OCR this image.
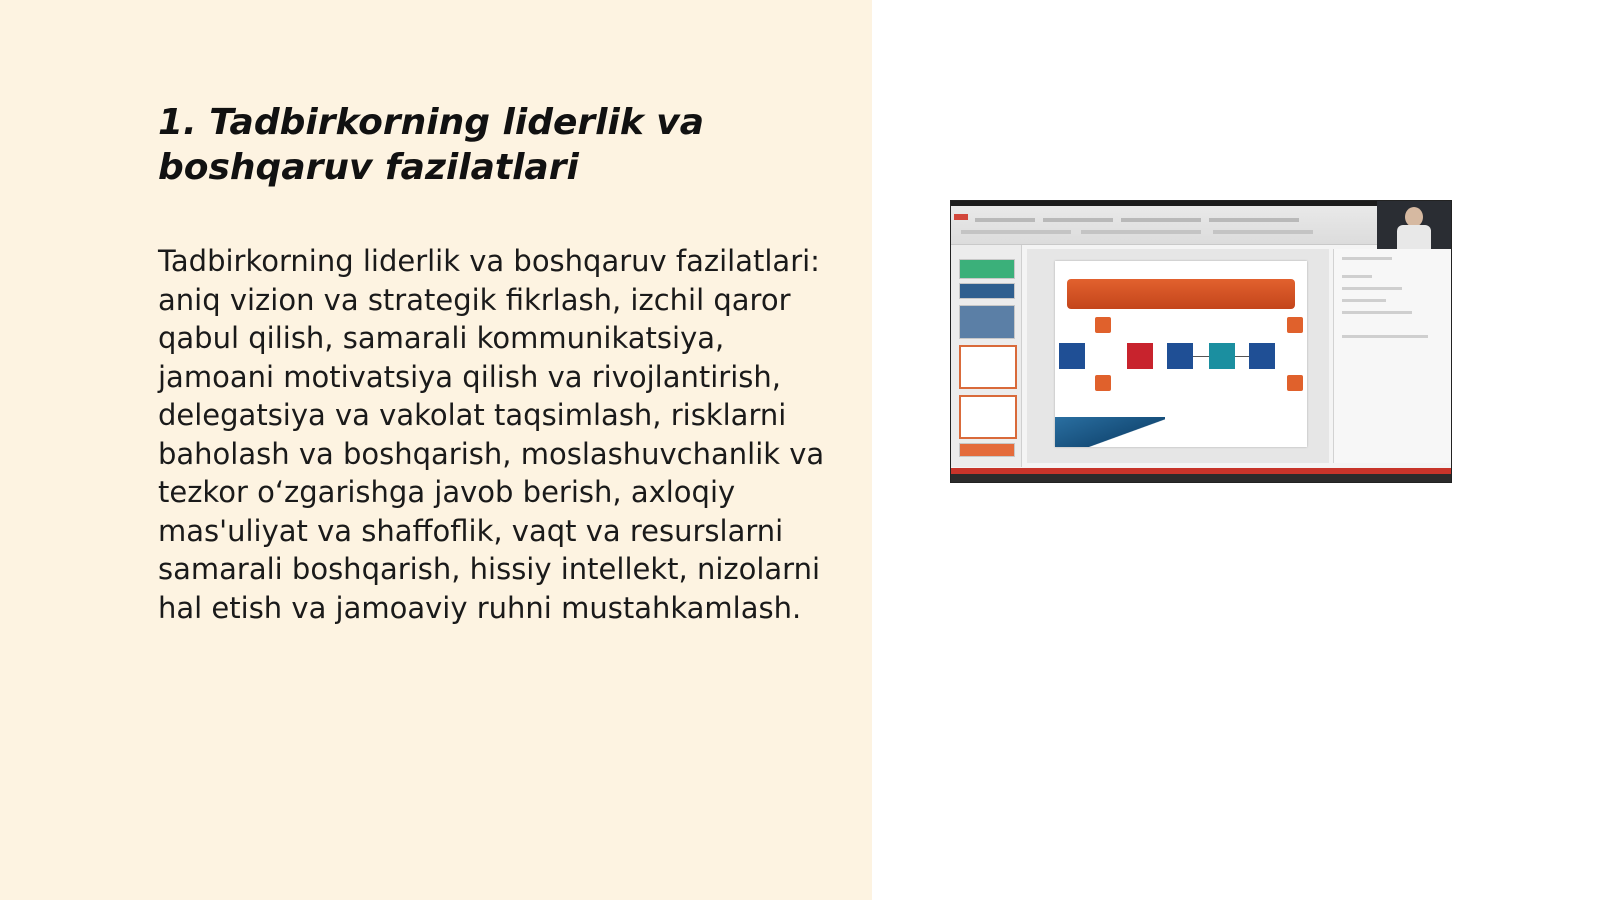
1. Tadbirkorning liderlik va boshqaruv fazilatlari

Tadbirkorning liderlik va boshqaruv fazilatlari: aniq vizion va strategik fikrlash, izchil qaror qabul qilish, samarali kommunikatsiya, jamoani motivatsiya qilish va rivojlantirish, delegatsiya va vakolat taqsimlash, risklarni baholash va boshqarish, moslashuvchanlik va tezkor o‘zgarishga javob berish, axloqiy mas'uliyat va shaffoflik, vaqt va resurslarni samarali boshqarish, hissiy intellekt, nizolarni hal etish va jamoaviy ruhni mustahkamlash.
